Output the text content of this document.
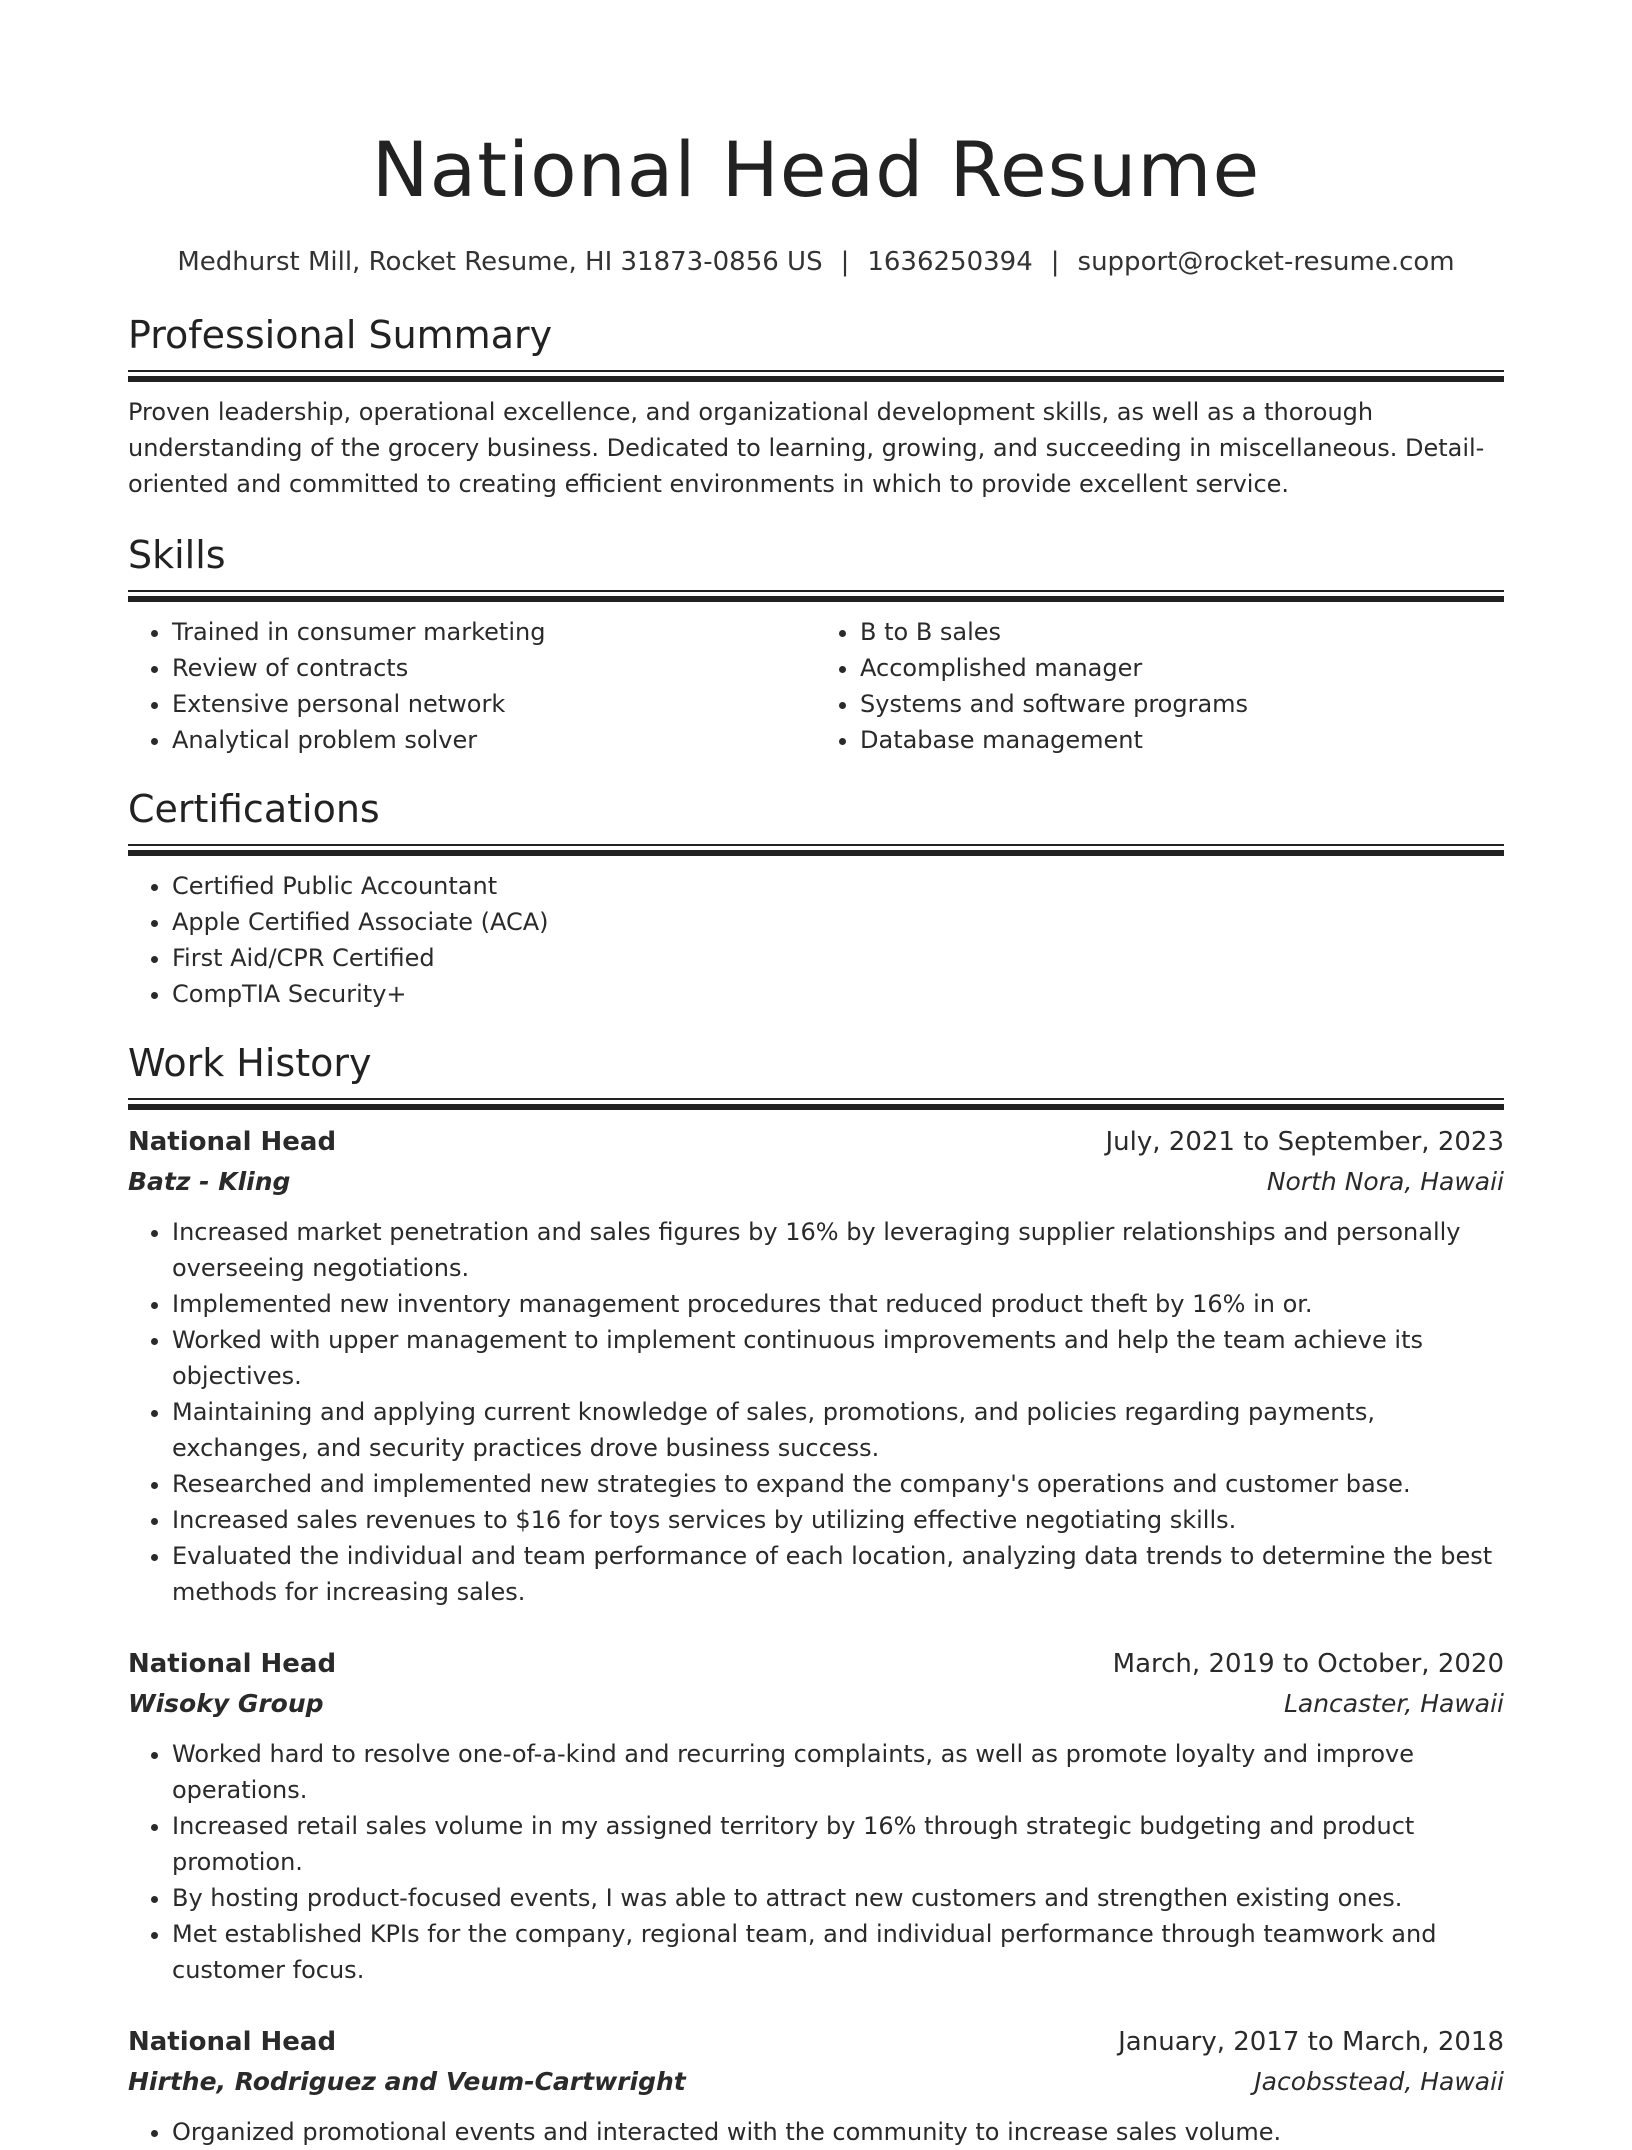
National Head Resume
Medhurst Mill, Rocket Resume, HI 31873-0856 US | 1636250394 | support@rocket-resume.com
Professional Summary

Proven leadership, operational excellence, and organizational development skills, as well as a thorough understanding of the grocery business. Dedicated to learning, growing, and succeeding in miscellaneous. Detail-oriented and committed to creating efficient environments in which to provide excellent service.

Skills
• Trained in consumer marketing
• Review of contracts
• Extensive personal network
• Analytical problem solver
• B to B sales
• Accomplished manager
• Systems and software programs
• Database management
Certifications
• Certified Public Accountant
• Apple Certified Associate (ACA)
• First Aid/CPR Certified
• CompTIA Security+
Work History
National Head	July, 2021 to September, 2023
Batz - Kling	North Nora, Hawaii
• Increased market penetration and sales figures by 16% by leveraging supplier relationships and personally overseeing negotiations.
• Implemented new inventory management procedures that reduced product theft by 16% in or.
• Worked with upper management to implement continuous improvements and help the team achieve its objectives.
• Maintaining and applying current knowledge of sales, promotions, and policies regarding payments, exchanges, and security practices drove business success.
• Researched and implemented new strategies to expand the company's operations and customer base.
• Increased sales revenues to $16 for toys services by utilizing effective negotiating skills.
• Evaluated the individual and team performance of each location, analyzing data trends to determine the best methods for increasing sales.
National Head	March, 2019 to October, 2020
Wisoky Group	Lancaster, Hawaii
• Worked hard to resolve one-of-a-kind and recurring complaints, as well as promote loyalty and improve operations.
• Increased retail sales volume in my assigned territory by 16% through strategic budgeting and product promotion.
• By hosting product-focused events, I was able to attract new customers and strengthen existing ones.
• Met established KPIs for the company, regional team, and individual performance through teamwork and customer focus.
National Head	January, 2017 to March, 2018
Hirthe, Rodriguez and Veum-Cartwright	Jacobsstead, Hawaii
• Organized promotional events and interacted with the community to increase sales volume.
